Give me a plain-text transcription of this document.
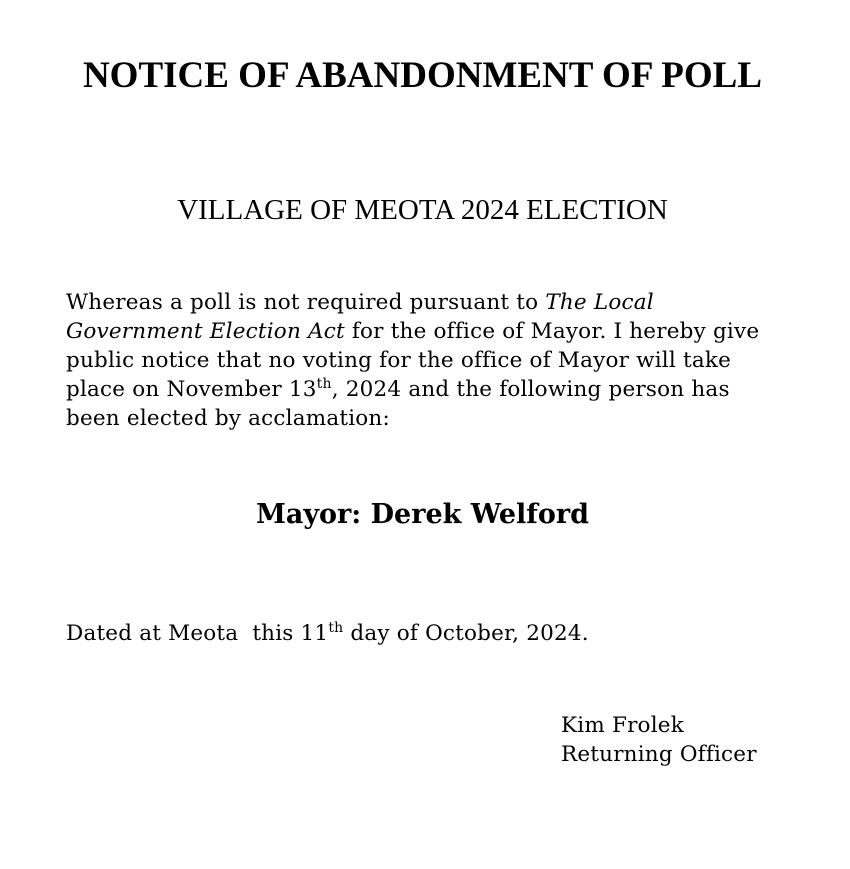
NOTICE OF ABANDONMENT OF POLL
VILLAGE OF MEOTA 2024 ELECTION

Whereas a poll is not required pursuant to The Local Government Election Act for the office of Mayor. I hereby give public notice that no voting for the office of Mayor will take place on November 13th, 2024 and the following person has been elected by acclamation:

Mayor: Derek Welford

Dated at Meota  this 11th day of October, 2024.

Kim Frolek
Returning Officer
